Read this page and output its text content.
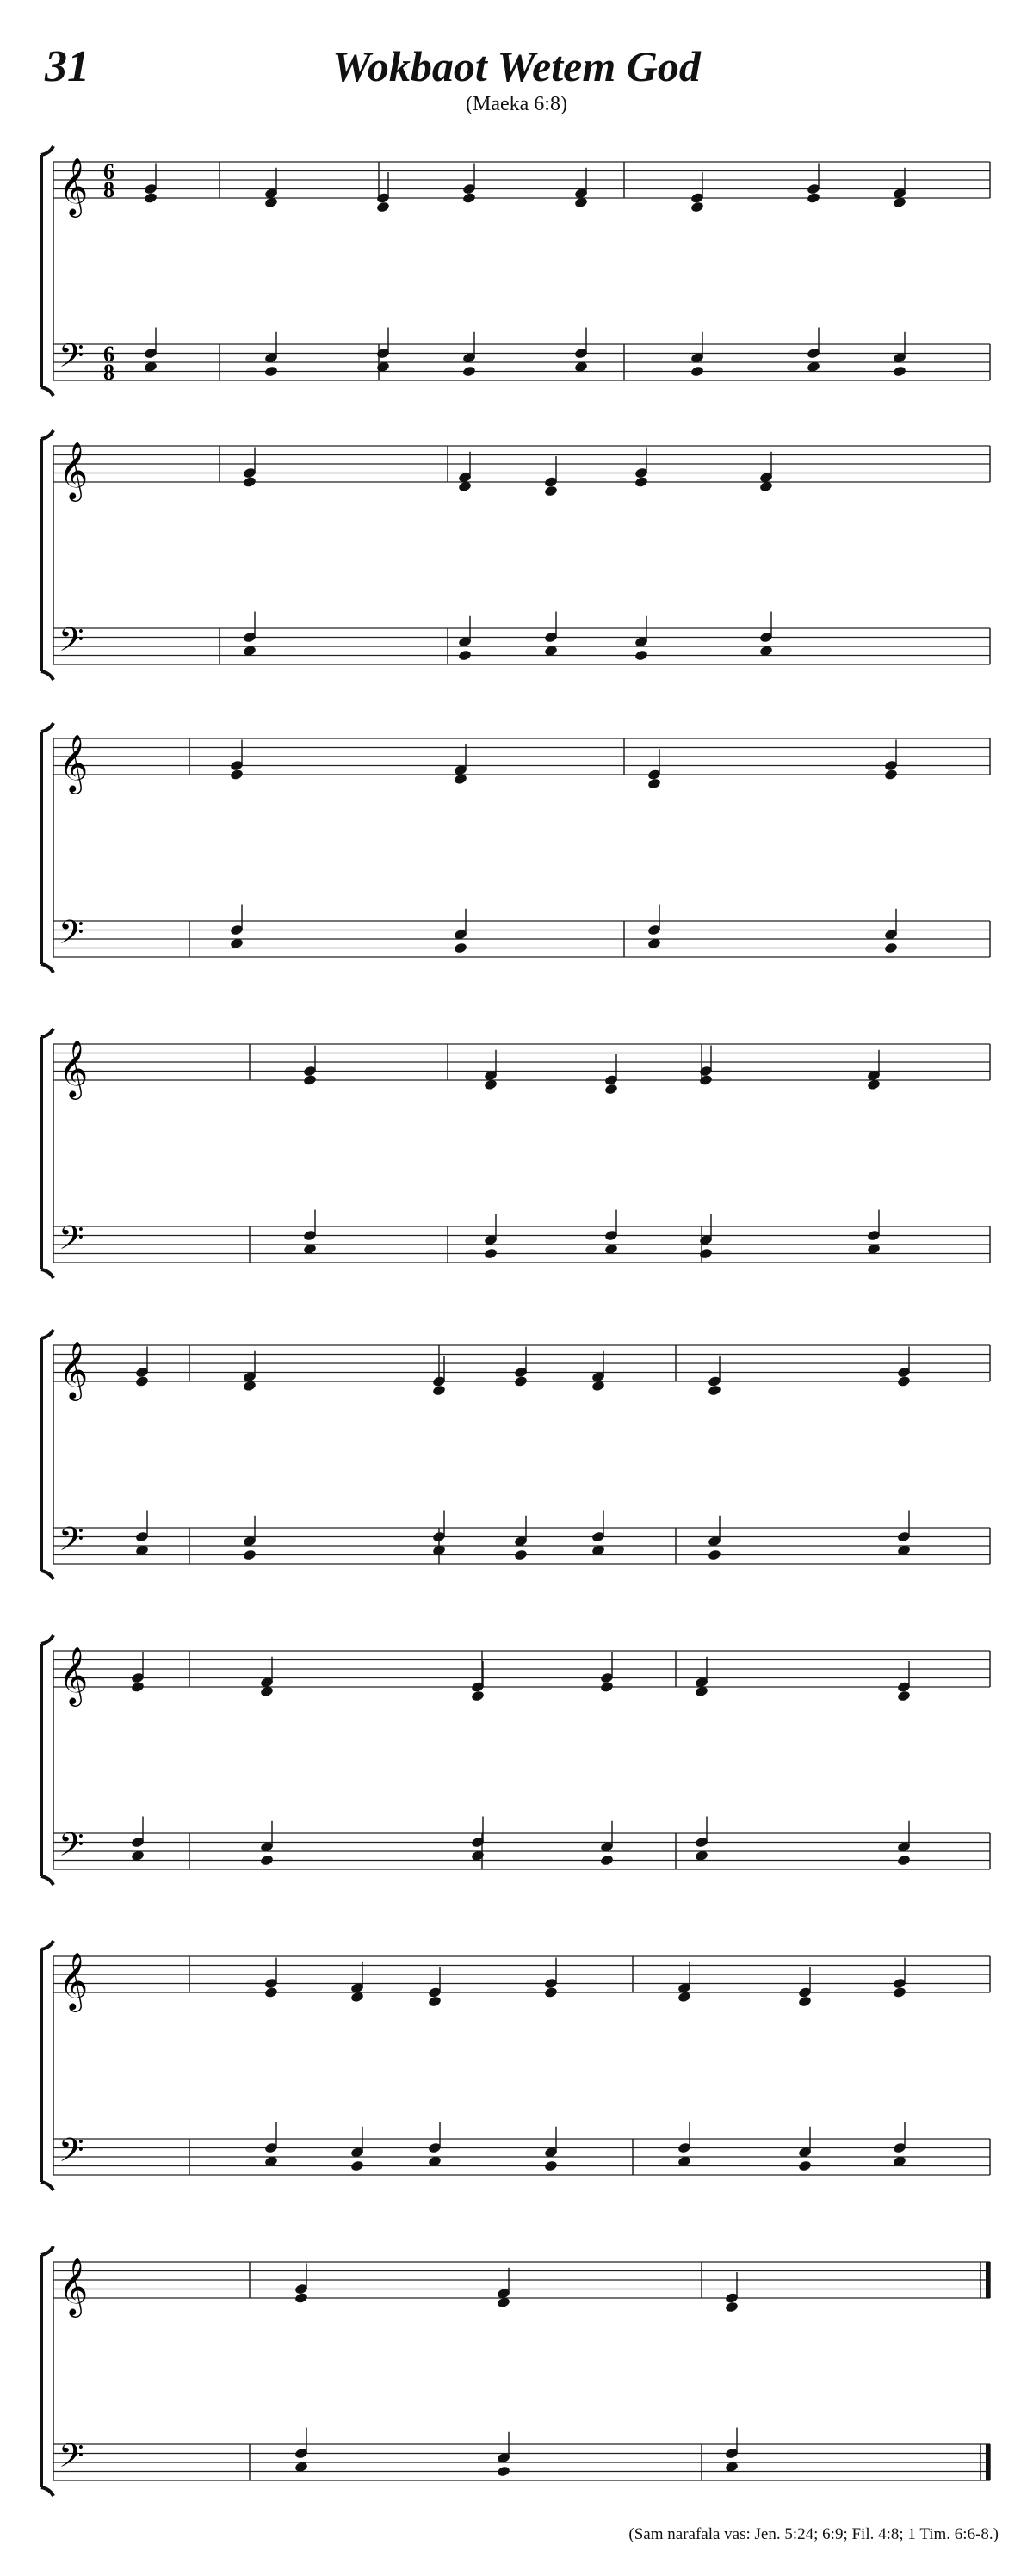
31	Wokbaot Wetem God
(Maeka 6:8)
𝄞
𝄢
6
8
6
8
𝄞
𝄢
𝄞
𝄢
𝄞
𝄢
𝄞
𝄢
𝄞
𝄢
𝄞
𝄢
𝄞
𝄢
(Sam narafala vas: Jen. 5:24; 6:9; Fil. 4:8; 1 Tim. 6:6-8.)
